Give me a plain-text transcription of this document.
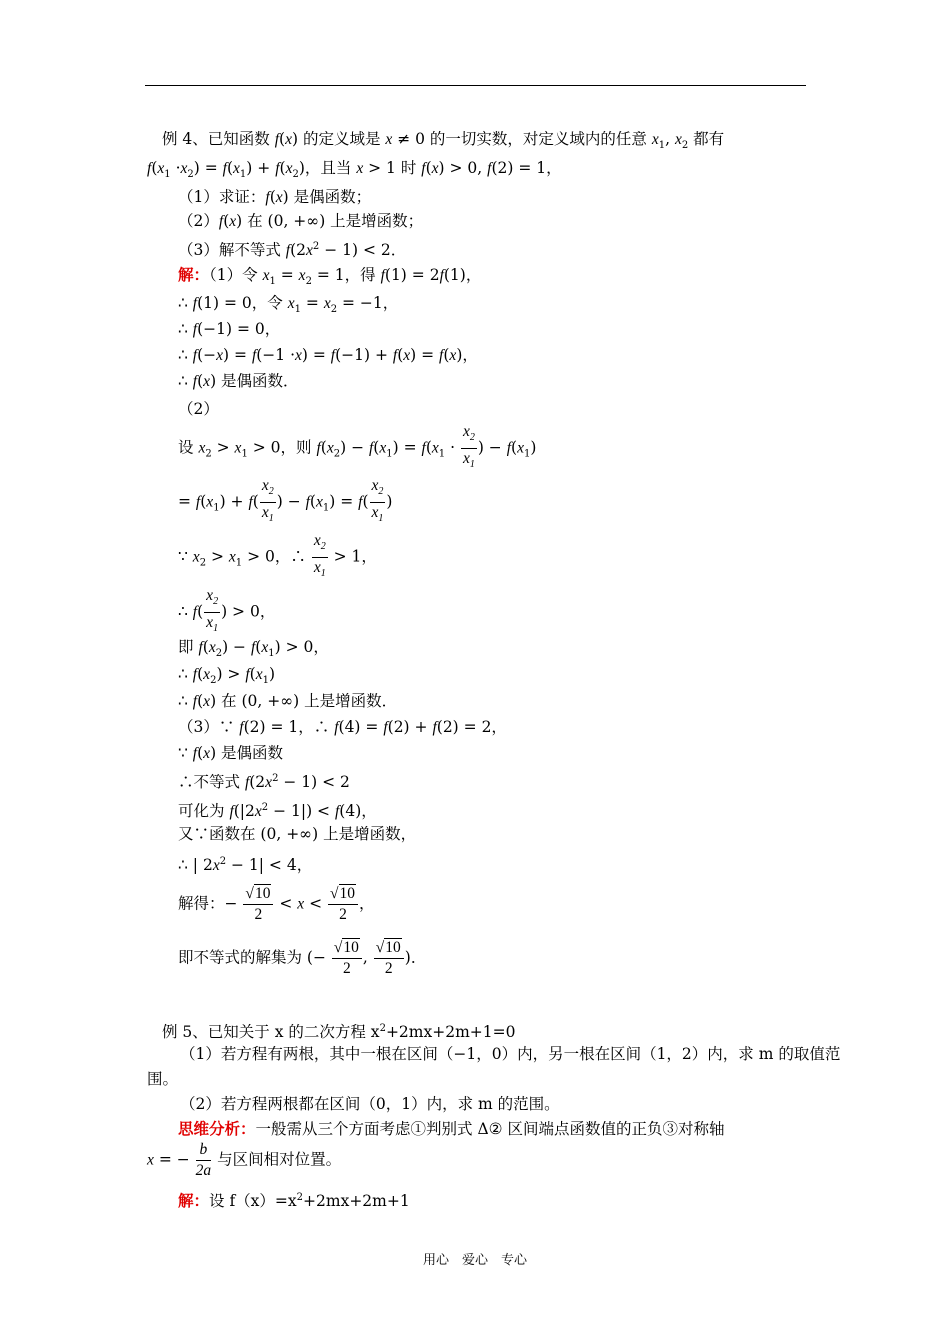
例 4、已知函数 f(x) 的定义域是 x ≠ 0 的一切实数，对定义域内的任意 $x_1$, $x_2$ 都有
$f(x_1 \cdot x_2) = f(x_1) + f(x_2)$，且当 x > 1 时 f(x) > 0, f(2) = 1，
（1）求证：f(x) 是偶函数；
（2）f(x) 在 (0, +∞) 上是增函数；
（3）解不等式 $f(2x^2 - 1) < 2$．
解：（1）令 $x_1 = x_2 = 1$，得 f(1) = 2f(1)，
∴ f(1) = 0，令 $x_1 = x_2 = -1$，
∴ f(−1) = 0，
∴ f(−x) = f(−1 ·x) = f(−1) + f(x) = f(x)，
∴ f(x) 是偶函数．
（2）
设 $x_2 > x_1 > 0$，则 $f(x_2) - f(x_1) = f(x_1 \cdot \frac{x_2}{x_1}$ ) − $f(x_1)$
= $f(x_1) + f( \frac{x_2}{x_1}$ ) − $f(x_1) = f( \frac{x_2}{x_1}$ )
∵ $x_2 > x_1 > 0$，∴ $\frac{x_2}{x_1} > 1$，
∴ $f( \frac{x_2}{x_1}$ ) > 0，
即 $f(x_2) - f(x_1) > 0$，
∴ $f(x_2) > f(x_1)$
∴ f(x) 在 (0, +∞) 上是增函数．
（3）∵ f(2) = 1，∴ f(4) = f(2) + f(2) = 2，
∵ f(x) 是偶函数
∴不等式 $f(2x^2 - 1) < 2$
可化为 $f(|2x^2 - 1|) < f(4)$，
又∵函数在 (0, +∞) 上是增函数，
∴ | $2x^2 - 1| < 4$，
解得：− $\frac{√10}{2} < x < \frac{√10}{2}$ ，
即不等式的解集为 (− $\frac{√10}{2}$ , $\frac{√10}{2}$ )．
例 5、已知关于 x 的二次方程 $x^2+2mx+2m+1=0$
（1）若方程有两根，其中一根在区间（−1，0）内，另一根在区间（1，2）内，求 m 的取值范
围。
（2）若方程两根都在区间（0，1）内，求 m 的范围。
思维分析：一般需从三个方面考虑①判别式 Δ② 区间端点函数值的正负③对称轴
x = − $\frac{b}{2a}$ 与区间相对位置。
解：设 $f(x)=x^2+2mx+2m+1$
用心　爱心　专心
